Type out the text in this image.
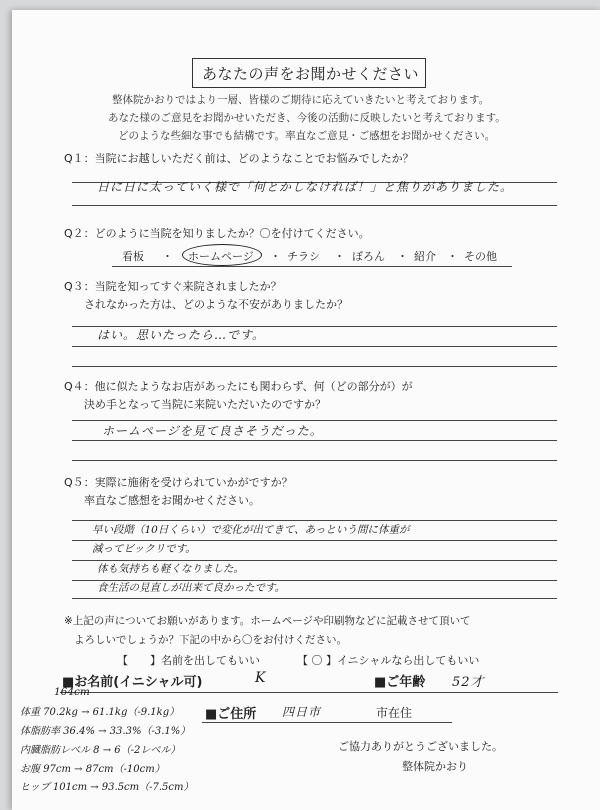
あなたの声をお聞かせください
整体院かおりではより一層、皆様のご期待に応えていきたいと考えております。
あなた様のご意見をお聞かせいただき、今後の活動に反映したいと考えております。
どのような些細な事でも結構です。率直なご意見・ご感想をお聞かせください。
Q１：当院にお越しいただく前は、どのようなことでお悩みでしたか？
日に日に太っていく様で「何とかしなければ！」と焦りがありました。
Q２：どのように当院を知りましたか？〇を付けてください。
看板 ・ ホームページ ・ チラシ ・ ぼろん ・ 紹介 ・ その他
Q３：当院を知ってすぐ来院されましたか？
されなかった方は、どのような不安がありましたか？
はい。思いたったら…です。
Q４：他に似たようなお店があったにも関わらず、何（どの部分が）が
決め手となって当院に来院いただいたのですか？
ホームページを見て良さそうだった。
Q５：実際に施術を受けられていかがですか？
率直なご感想をお聞かせください。
早い段階（10日くらい）で変化が出てきて、あっという間に体重が
減ってビックリです。
体も気持ちも軽くなりました。
食生活の見直しが出来て良かったです。
※上記の声についてお願いがあります。ホームページや印刷物などに記載させて頂いて
よろしいでしょうか？下記の中から〇をお付けください。
【　　】名前を出してもいい	【 〇 】イニシャルなら出してもいい
■お名前(イニシャル可)	K	■ご年齢 52才
164cm
体重 70.2kg → 61.1kg（-9.1kg） ■ご住所 四日市	市在住
体脂肪率 36.4% → 33.3%（-3.1%）
内臓脂肪レベル 8 → 6（-2レベル）
お腹 97cm → 87cm（-10cm）
ヒップ 101cm → 93.5cm（-7.5cm）
ご協力ありがとうございました。
整体院かおり
